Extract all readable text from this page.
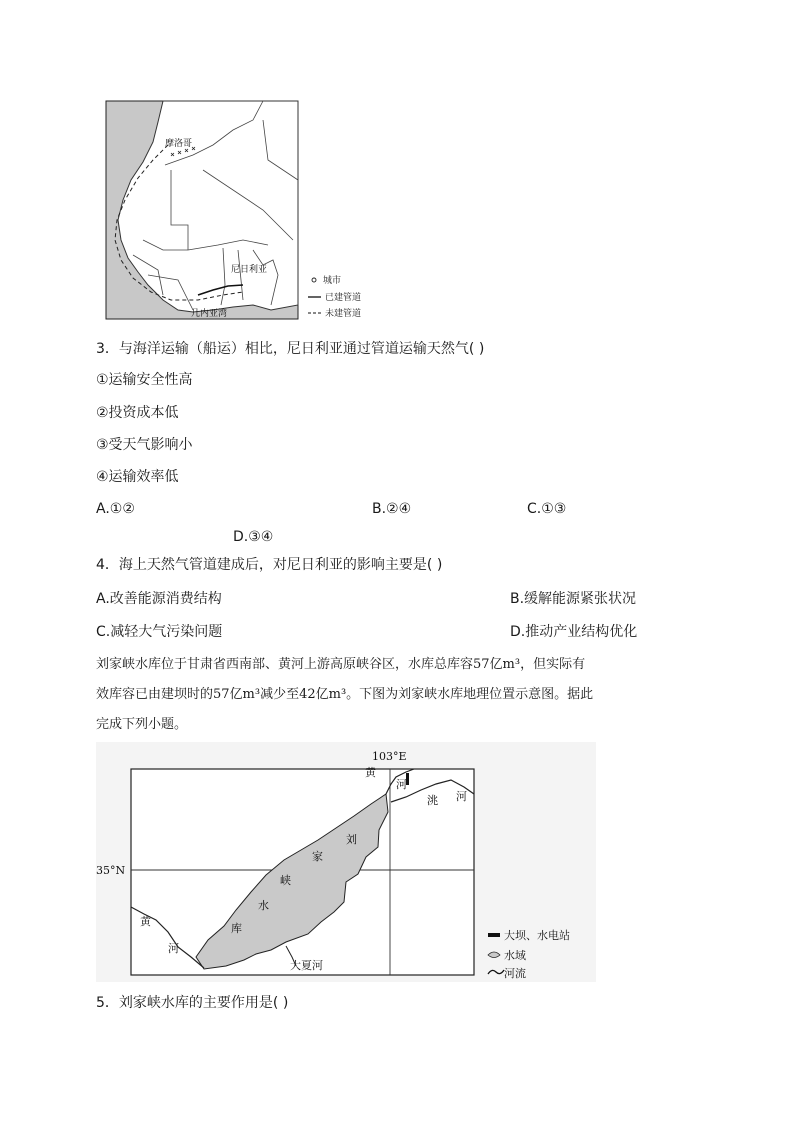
摩洛哥
尼日利亚
几内亚湾
城市
已建管道
未建管道
3．与海洋运输（船运）相比，尼日利亚通过管道运输天然气( )
①运输安全性高
②投资成本低
③受天气影响小
④运输效率低
A.①②	B.②④	C.①③
D.③④
4．海上天然气管道建成后，对尼日利亚的影响主要是( )
A.改善能源消费结构	B.缓解能源紧张状况
C.减轻大气污染问题	D.推动产业结构优化
刘家峡水库位于甘肃省西南部、黄河上游高原峡谷区，水库总库容57亿m³，但实际有
效库容已由建坝时的57亿m³减少至42亿m³。下图为刘家峡水库地理位置示意图。据此
完成下列小题。
103°E
35°N
黄
河
洮 河
刘
家
峡
水
库
黄
河
大夏河
大坝、水电站
水域
河流
5．刘家峡水库的主要作用是( )
